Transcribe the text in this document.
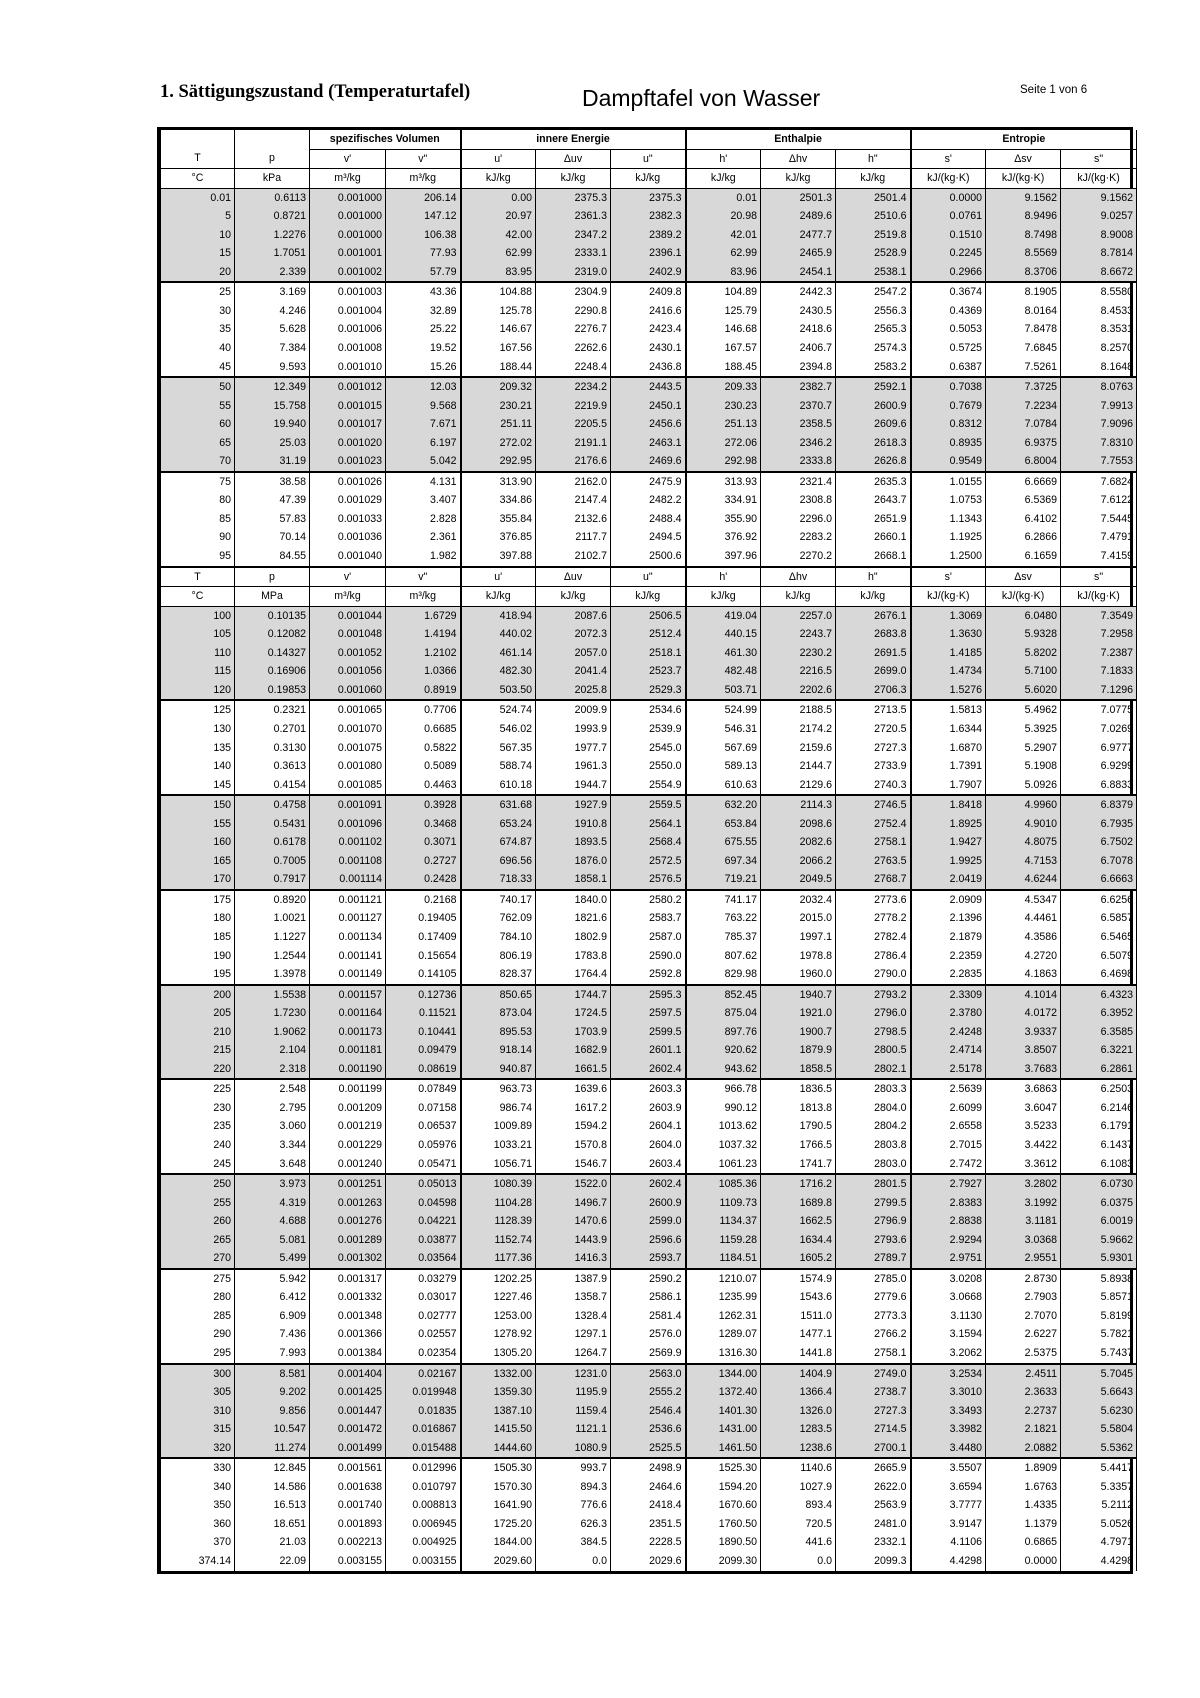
1. Sättigungszustand (Temperaturtafel)	Dampftafel von Wasser	Seite 1 von 6
		spezifisches Volumen		innere Energie			Enthalpie			Entropie		
T	p	v'	v"	u'	Δuv	u"	h'	Δhv	h"	s'	Δsv	s"
°C	kPa	m³/kg	m³/kg	kJ/kg	kJ/kg	kJ/kg	kJ/kg	kJ/kg	kJ/kg	kJ/(kg·K)	kJ/(kg·K)	kJ/(kg·K)
0.01	0.6113	0.001000	206.14	0.00	2375.3	2375.3	0.01	2501.3	2501.4	0.0000	9.1562	9.1562
5	0.8721	0.001000	147.12	20.97	2361.3	2382.3	20.98	2489.6	2510.6	0.0761	8.9496	9.0257
10	1.2276	0.001000	106.38	42.00	2347.2	2389.2	42.01	2477.7	2519.8	0.1510	8.7498	8.9008
15	1.7051	0.001001	77.93	62.99	2333.1	2396.1	62.99	2465.9	2528.9	0.2245	8.5569	8.7814
20	2.339	0.001002	57.79	83.95	2319.0	2402.9	83.96	2454.1	2538.1	0.2966	8.3706	8.6672
25	3.169	0.001003	43.36	104.88	2304.9	2409.8	104.89	2442.3	2547.2	0.3674	8.1905	8.5580
30	4.246	0.001004	32.89	125.78	2290.8	2416.6	125.79	2430.5	2556.3	0.4369	8.0164	8.4533
35	5.628	0.001006	25.22	146.67	2276.7	2423.4	146.68	2418.6	2565.3	0.5053	7.8478	8.3531
40	7.384	0.001008	19.52	167.56	2262.6	2430.1	167.57	2406.7	2574.3	0.5725	7.6845	8.2570
45	9.593	0.001010	15.26	188.44	2248.4	2436.8	188.45	2394.8	2583.2	0.6387	7.5261	8.1648
50	12.349	0.001012	12.03	209.32	2234.2	2443.5	209.33	2382.7	2592.1	0.7038	7.3725	8.0763
55	15.758	0.001015	9.568	230.21	2219.9	2450.1	230.23	2370.7	2600.9	0.7679	7.2234	7.9913
60	19.940	0.001017	7.671	251.11	2205.5	2456.6	251.13	2358.5	2609.6	0.8312	7.0784	7.9096
65	25.03	0.001020	6.197	272.02	2191.1	2463.1	272.06	2346.2	2618.3	0.8935	6.9375	7.8310
70	31.19	0.001023	5.042	292.95	2176.6	2469.6	292.98	2333.8	2626.8	0.9549	6.8004	7.7553
75	38.58	0.001026	4.131	313.90	2162.0	2475.9	313.93	2321.4	2635.3	1.0155	6.6669	7.6824
80	47.39	0.001029	3.407	334.86	2147.4	2482.2	334.91	2308.8	2643.7	1.0753	6.5369	7.6122
85	57.83	0.001033	2.828	355.84	2132.6	2488.4	355.90	2296.0	2651.9	1.1343	6.4102	7.5445
90	70.14	0.001036	2.361	376.85	2117.7	2494.5	376.92	2283.2	2660.1	1.1925	6.2866	7.4791
95	84.55	0.001040	1.982	397.88	2102.7	2500.6	397.96	2270.2	2668.1	1.2500	6.1659	7.4159
T	p	v'	v"	u'	Δuv	u"	h'	Δhv	h"	s'	Δsv	s"
°C	MPa	m³/kg	m³/kg	kJ/kg	kJ/kg	kJ/kg	kJ/kg	kJ/kg	kJ/kg	kJ/(kg·K)	kJ/(kg·K)	kJ/(kg·K)
100	0.10135	0.001044	1.6729	418.94	2087.6	2506.5	419.04	2257.0	2676.1	1.3069	6.0480	7.3549
105	0.12082	0.001048	1.4194	440.02	2072.3	2512.4	440.15	2243.7	2683.8	1.3630	5.9328	7.2958
110	0.14327	0.001052	1.2102	461.14	2057.0	2518.1	461.30	2230.2	2691.5	1.4185	5.8202	7.2387
115	0.16906	0.001056	1.0366	482.30	2041.4	2523.7	482.48	2216.5	2699.0	1.4734	5.7100	7.1833
120	0.19853	0.001060	0.8919	503.50	2025.8	2529.3	503.71	2202.6	2706.3	1.5276	5.6020	7.1296
125	0.2321	0.001065	0.7706	524.74	2009.9	2534.6	524.99	2188.5	2713.5	1.5813	5.4962	7.0775
130	0.2701	0.001070	0.6685	546.02	1993.9	2539.9	546.31	2174.2	2720.5	1.6344	5.3925	7.0269
135	0.3130	0.001075	0.5822	567.35	1977.7	2545.0	567.69	2159.6	2727.3	1.6870	5.2907	6.9777
140	0.3613	0.001080	0.5089	588.74	1961.3	2550.0	589.13	2144.7	2733.9	1.7391	5.1908	6.9299
145	0.4154	0.001085	0.4463	610.18	1944.7	2554.9	610.63	2129.6	2740.3	1.7907	5.0926	6.8833
150	0.4758	0.001091	0.3928	631.68	1927.9	2559.5	632.20	2114.3	2746.5	1.8418	4.9960	6.8379
155	0.5431	0.001096	0.3468	653.24	1910.8	2564.1	653.84	2098.6	2752.4	1.8925	4.9010	6.7935
160	0.6178	0.001102	0.3071	674.87	1893.5	2568.4	675.55	2082.6	2758.1	1.9427	4.8075	6.7502
165	0.7005	0.001108	0.2727	696.56	1876.0	2572.5	697.34	2066.2	2763.5	1.9925	4.7153	6.7078
170	0.7917	0.001114	0.2428	718.33	1858.1	2576.5	719.21	2049.5	2768.7	2.0419	4.6244	6.6663
175	0.8920	0.001121	0.2168	740.17	1840.0	2580.2	741.17	2032.4	2773.6	2.0909	4.5347	6.6256
180	1.0021	0.001127	0.19405	762.09	1821.6	2583.7	763.22	2015.0	2778.2	2.1396	4.4461	6.5857
185	1.1227	0.001134	0.17409	784.10	1802.9	2587.0	785.37	1997.1	2782.4	2.1879	4.3586	6.5465
190	1.2544	0.001141	0.15654	806.19	1783.8	2590.0	807.62	1978.8	2786.4	2.2359	4.2720	6.5079
195	1.3978	0.001149	0.14105	828.37	1764.4	2592.8	829.98	1960.0	2790.0	2.2835	4.1863	6.4698
200	1.5538	0.001157	0.12736	850.65	1744.7	2595.3	852.45	1940.7	2793.2	2.3309	4.1014	6.4323
205	1.7230	0.001164	0.11521	873.04	1724.5	2597.5	875.04	1921.0	2796.0	2.3780	4.0172	6.3952
210	1.9062	0.001173	0.10441	895.53	1703.9	2599.5	897.76	1900.7	2798.5	2.4248	3.9337	6.3585
215	2.104	0.001181	0.09479	918.14	1682.9	2601.1	920.62	1879.9	2800.5	2.4714	3.8507	6.3221
220	2.318	0.001190	0.08619	940.87	1661.5	2602.4	943.62	1858.5	2802.1	2.5178	3.7683	6.2861
225	2.548	0.001199	0.07849	963.73	1639.6	2603.3	966.78	1836.5	2803.3	2.5639	3.6863	6.2503
230	2.795	0.001209	0.07158	986.74	1617.2	2603.9	990.12	1813.8	2804.0	2.6099	3.6047	6.2146
235	3.060	0.001219	0.06537	1009.89	1594.2	2604.1	1013.62	1790.5	2804.2	2.6558	3.5233	6.1791
240	3.344	0.001229	0.05976	1033.21	1570.8	2604.0	1037.32	1766.5	2803.8	2.7015	3.4422	6.1437
245	3.648	0.001240	0.05471	1056.71	1546.7	2603.4	1061.23	1741.7	2803.0	2.7472	3.3612	6.1083
250	3.973	0.001251	0.05013	1080.39	1522.0	2602.4	1085.36	1716.2	2801.5	2.7927	3.2802	6.0730
255	4.319	0.001263	0.04598	1104.28	1496.7	2600.9	1109.73	1689.8	2799.5	2.8383	3.1992	6.0375
260	4.688	0.001276	0.04221	1128.39	1470.6	2599.0	1134.37	1662.5	2796.9	2.8838	3.1181	6.0019
265	5.081	0.001289	0.03877	1152.74	1443.9	2596.6	1159.28	1634.4	2793.6	2.9294	3.0368	5.9662
270	5.499	0.001302	0.03564	1177.36	1416.3	2593.7	1184.51	1605.2	2789.7	2.9751	2.9551	5.9301
275	5.942	0.001317	0.03279	1202.25	1387.9	2590.2	1210.07	1574.9	2785.0	3.0208	2.8730	5.8938
280	6.412	0.001332	0.03017	1227.46	1358.7	2586.1	1235.99	1543.6	2779.6	3.0668	2.7903	5.8571
285	6.909	0.001348	0.02777	1253.00	1328.4	2581.4	1262.31	1511.0	2773.3	3.1130	2.7070	5.8199
290	7.436	0.001366	0.02557	1278.92	1297.1	2576.0	1289.07	1477.1	2766.2	3.1594	2.6227	5.7821
295	7.993	0.001384	0.02354	1305.20	1264.7	2569.9	1316.30	1441.8	2758.1	3.2062	2.5375	5.7437
300	8.581	0.001404	0.02167	1332.00	1231.0	2563.0	1344.00	1404.9	2749.0	3.2534	2.4511	5.7045
305	9.202	0.001425	0.019948	1359.30	1195.9	2555.2	1372.40	1366.4	2738.7	3.3010	2.3633	5.6643
310	9.856	0.001447	0.01835	1387.10	1159.4	2546.4	1401.30	1326.0	2727.3	3.3493	2.2737	5.6230
315	10.547	0.001472	0.016867	1415.50	1121.1	2536.6	1431.00	1283.5	2714.5	3.3982	2.1821	5.5804
320	11.274	0.001499	0.015488	1444.60	1080.9	2525.5	1461.50	1238.6	2700.1	3.4480	2.0882	5.5362
330	12.845	0.001561	0.012996	1505.30	993.7	2498.9	1525.30	1140.6	2665.9	3.5507	1.8909	5.4417
340	14.586	0.001638	0.010797	1570.30	894.3	2464.6	1594.20	1027.9	2622.0	3.6594	1.6763	5.3357
350	16.513	0.001740	0.008813	1641.90	776.6	2418.4	1670.60	893.4	2563.9	3.7777	1.4335	5.2112
360	18.651	0.001893	0.006945	1725.20	626.3	2351.5	1760.50	720.5	2481.0	3.9147	1.1379	5.0526
370	21.03	0.002213	0.004925	1844.00	384.5	2228.5	1890.50	441.6	2332.1	4.1106	0.6865	4.7971
374.14	22.09	0.003155	0.003155	2029.60	0.0	2029.6	2099.30	0.0	2099.3	4.4298	0.0000	4.4298
